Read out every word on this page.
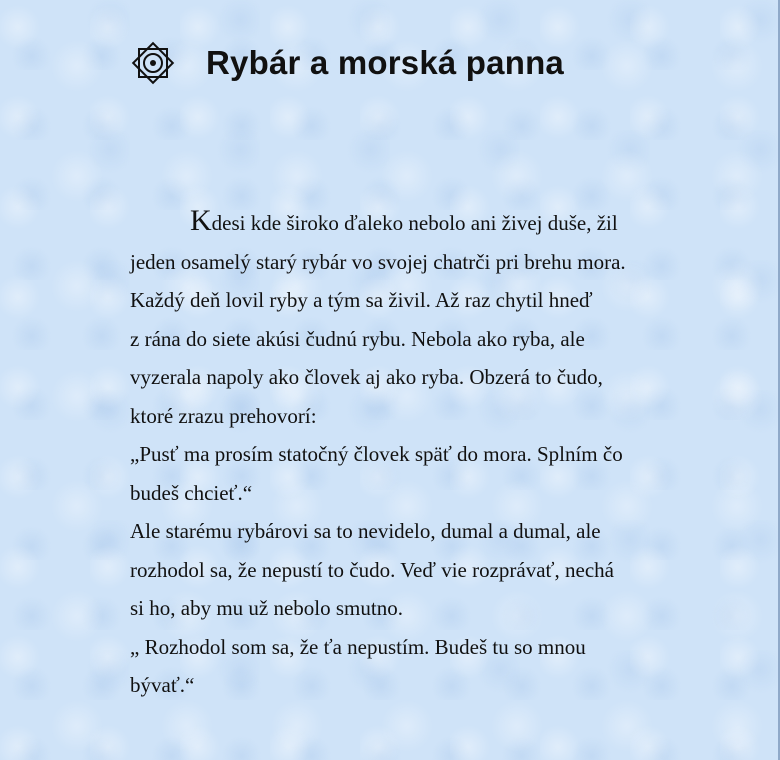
Rybár a morská panna
Kdesi kde široko ďaleko nebolo ani živej duše, žil
jeden osamelý starý rybár vo svojej chatrči pri brehu mora.
Každý deň lovil ryby a tým sa živil. Až raz chytil hneď
z rána do siete akúsi čudnú rybu. Nebola ako ryba, ale
vyzerala napoly ako človek aj ako ryba. Obzerá to čudo,
ktoré zrazu prehovorí:
„Pusť ma prosím statočný človek späť do mora. Splním čo
budeš chcieť.“
Ale starému rybárovi sa to nevidelo, dumal a dumal, ale
rozhodol sa, že nepustí to čudo. Veď vie rozprávať, nechá
si ho, aby mu už nebolo smutno.
„ Rozhodol som sa, že ťa nepustím. Budeš tu so mnou
bývať.“
